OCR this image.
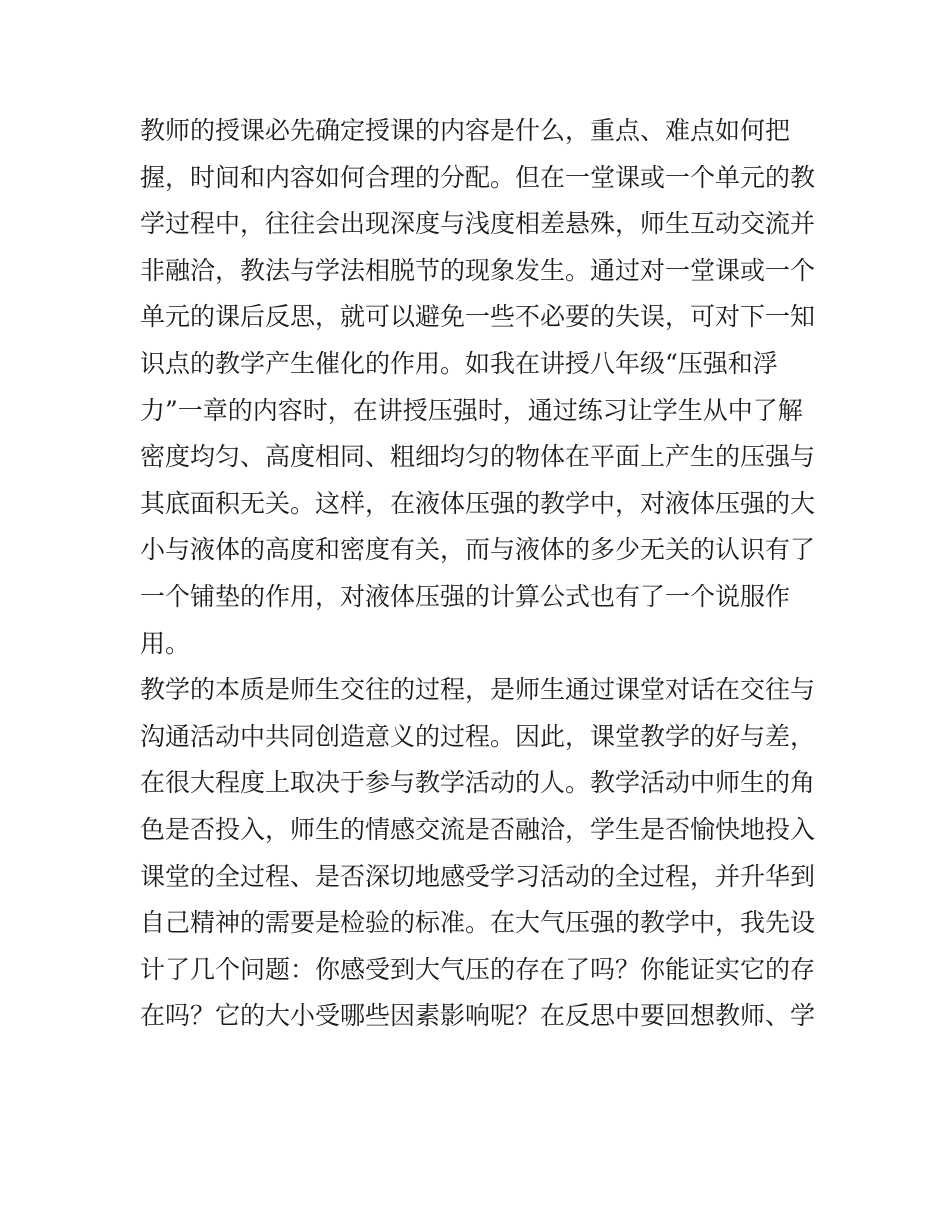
教师的授课必先确定授课的内容是什么，重点、难点如何把
握，时间和内容如何合理的分配。但在一堂课或一个单元的教
学过程中，往往会出现深度与浅度相差悬殊，师生互动交流并
非融洽，教法与学法相脱节的现象发生。通过对一堂课或一个
单元的课后反思，就可以避免一些不必要的失误，可对下一知
识点的教学产生催化的作用。如我在讲授八年级“压强和浮
力”一章的内容时，在讲授压强时，通过练习让学生从中了解
密度均匀、高度相同、粗细均匀的物体在平面上产生的压强与
其底面积无关。这样，在液体压强的教学中，对液体压强的大
小与液体的高度和密度有关，而与液体的多少无关的认识有了
一个铺垫的作用，对液体压强的计算公式也有了一个说服作
用。
教学的本质是师生交往的过程，是师生通过课堂对话在交往与
沟通活动中共同创造意义的过程。因此，课堂教学的好与差，
在很大程度上取决于参与教学活动的人。教学活动中师生的角
色是否投入，师生的情感交流是否融洽，学生是否愉快地投入
课堂的全过程、是否深切地感受学习活动的全过程，并升华到
自己精神的需要是检验的标准。在大气压强的教学中，我先设
计了几个问题：你感受到大气压的存在了吗？你能证实它的存
在吗？它的大小受哪些因素影响呢？在反思中要回想教师、学
